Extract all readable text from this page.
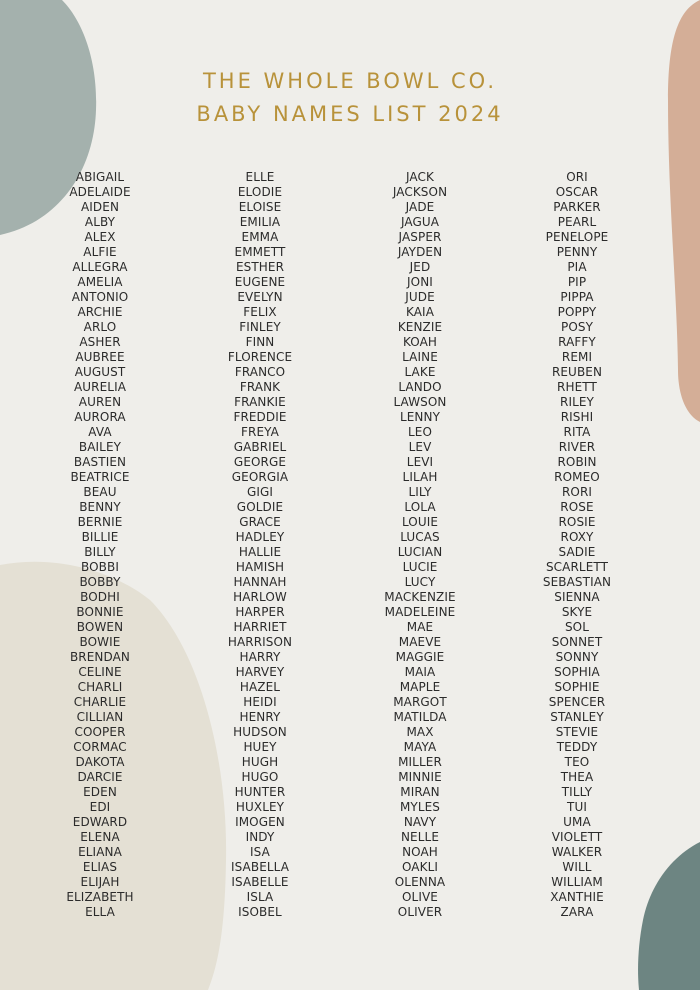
THE WHOLE BOWL CO.
BABY NAMES LIST 2024
ABIGAIL
ADELAIDE
AIDEN
ALBY
ALEX
ALFIE
ALLEGRA
AMELIA
ANTONIO
ARCHIE
ARLO
ASHER
AUBREE
AUGUST
AURELIA
AUREN
AURORA
AVA
BAILEY
BASTIEN
BEATRICE
BEAU
BENNY
BERNIE
BILLIE
BILLY
BOBBI
BOBBY
BODHI
BONNIE
BOWEN
BOWIE
BRENDAN
CELINE
CHARLI
CHARLIE
CILLIAN
COOPER
CORMAC
DAKOTA
DARCIE
EDEN
EDI
EDWARD
ELENA
ELIANA
ELIAS
ELIJAH
ELIZABETH
ELLA
ELLE
ELODIE
ELOISE
EMILIA
EMMA
EMMETT
ESTHER
EUGENE
EVELYN
FELIX
FINLEY
FINN
FLORENCE
FRANCO
FRANK
FRANKIE
FREDDIE
FREYA
GABRIEL
GEORGE
GEORGIA
GIGI
GOLDIE
GRACE
HADLEY
HALLIE
HAMISH
HANNAH
HARLOW
HARPER
HARRIET
HARRISON
HARRY
HARVEY
HAZEL
HEIDI
HENRY
HUDSON
HUEY
HUGH
HUGO
HUNTER
HUXLEY
IMOGEN
INDY
ISA
ISABELLA
ISABELLE
ISLA
ISOBEL
JACK
JACKSON
JADE
JAGUA
JASPER
JAYDEN
JED
JONI
JUDE
KAIA
KENZIE
KOAH
LAINE
LAKE
LANDO
LAWSON
LENNY
LEO
LEV
LEVI
LILAH
LILY
LOLA
LOUIE
LUCAS
LUCIAN
LUCIE
LUCY
MACKENZIE
MADELEINE
MAE
MAEVE
MAGGIE
MAIA
MAPLE
MARGOT
MATILDA
MAX
MAYA
MILLER
MINNIE
MIRAN
MYLES
NAVY
NELLE
NOAH
OAKLI
OLENNA
OLIVE
OLIVER
ORI
OSCAR
PARKER
PEARL
PENELOPE
PENNY
PIA
PIP
PIPPA
POPPY
POSY
RAFFY
REMI
REUBEN
RHETT
RILEY
RISHI
RITA
RIVER
ROBIN
ROMEO
RORI
ROSE
ROSIE
ROXY
SADIE
SCARLETT
SEBASTIAN
SIENNA
SKYE
SOL
SONNET
SONNY
SOPHIA
SOPHIE
SPENCER
STANLEY
STEVIE
TEDDY
TEO
THEA
TILLY
TUI
UMA
VIOLETT
WALKER
WILL
WILLIAM
XANTHIE
ZARA
